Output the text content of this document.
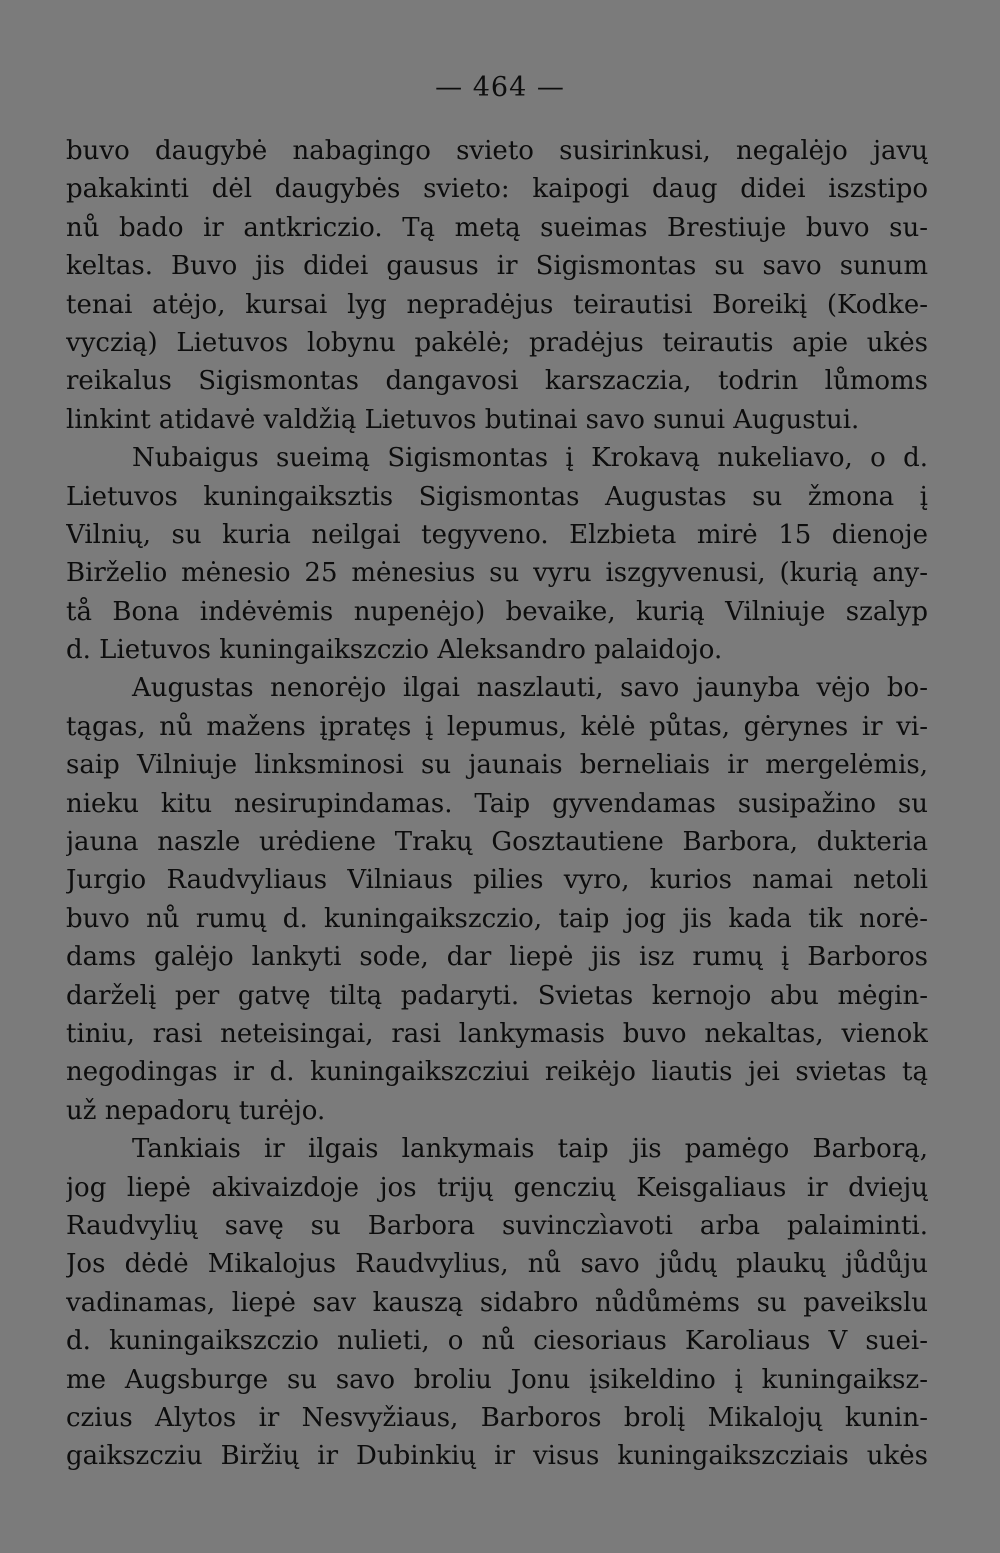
— 464 —
buvo daugybė nabagingo svieto susirinkusi, negalėjo javų
pakakinti dėl daugybės svieto: kaipogi daug didei iszstipo
nů bado ir antkriczio. Tą metą sueimas Brestiuje buvo su-
keltas. Buvo jis didei gausus ir Sigismontas su savo sunum
tenai atėjo, kursai lyg nepradėjus teirautisi Boreikį (Kodke-
vyczią) Lietuvos lobynu pakėlė; pradėjus teirautis apie ukės
reikalus Sigismontas dangavosi karszaczia, todrin lůmoms
linkint atidavė valdžią Lietuvos butinai savo sunui Augustui.
Nubaigus sueimą Sigismontas į Krokavą nukeliavo, o d.
Lietuvos kuningaiksztis Sigismontas Augustas su žmona į
Vilnių, su kuria neilgai tegyveno. Elzbieta mirė 15 dienoje
Birželio mėnesio 25 mėnesius su vyru iszgyvenusi, (kurią any-
tå Bona indėvėmis nupenėjo) bevaike, kurią Vilniuje szalyp
d. Lietuvos kuningaikszczio Aleksandro palaidojo.
Augustas nenorėjo ilgai naszlauti, savo jaunyba vėjo bo-
tągas, nů mažens įpratęs į lepumus, kėlė půtas, gėrynes ir vi-
saip Vilniuje linksminosi su jaunais berneliais ir mergelėmis,
nieku kitu nesirupindamas. Taip gyvendamas susipažino su
jauna naszle urėdiene Trakų Gosztautiene Barbora, dukteria
Jurgio Raudvyliaus Vilniaus pilies vyro, kurios namai netoli
buvo nů rumų d. kuningaikszczio, taip jog jis kada tik norė-
dams galėjo lankyti sode, dar liepė jis isz rumų į Barboros
darželį per gatvę tiltą padaryti. Svietas kernojo abu mėgin-
tiniu, rasi neteisingai, rasi lankymasis buvo nekaltas, vienok
negodingas ir d. kuningaikszcziui reikėjo liautis jei svietas tą
už nepadorų turėjo.
Tankiais ir ilgais lankymais taip jis pamėgo Barborą,
jog liepė akivaizdoje jos trijų genczių Keisgaliaus ir dviejų
Raudvylių savę su Barbora suvinczìavoti arba palaiminti.
Jos dėdė Mikalojus Raudvylius, nů savo jůdų plaukų jůdůju
vadinamas, liepė sav kauszą sidabro nůdůmėms su paveikslu
d. kuningaikszczio nulieti, o nů ciesoriaus Karoliaus V suei-
me Augsburge su savo broliu Jonu įsikeldino į kuningaiksz-
czius Alytos ir Nesvyžiaus, Barboros brolį Mikalojų kunin-
gaikszcziu Biržių ir Dubinkių ir visus kuningaikszcziais ukės
